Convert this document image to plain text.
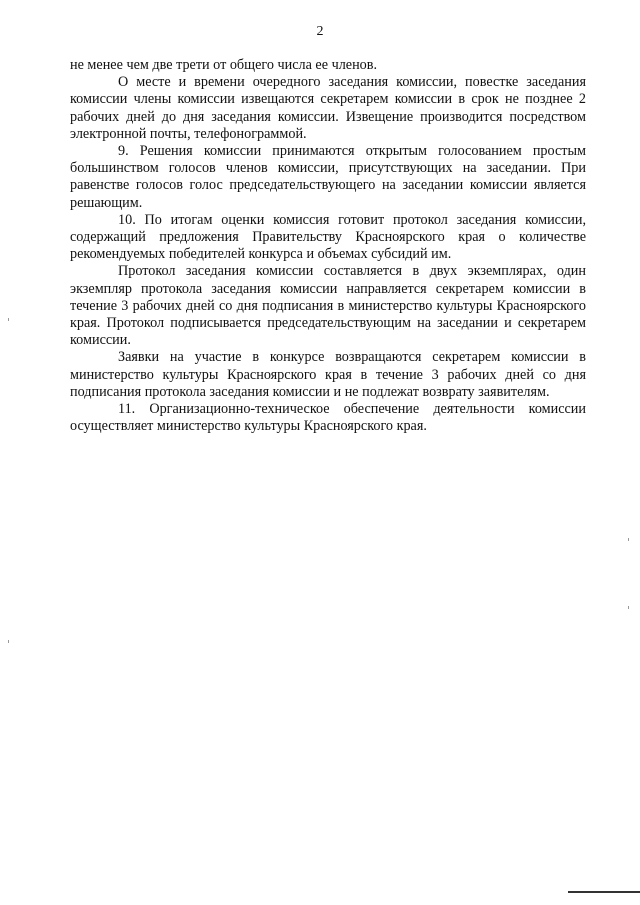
2

не менее чем две трети от общего числа ее членов.

О месте и времени очередного заседания комиссии, повестке заседания комиссии члены комиссии извещаются секретарем комиссии в срок не позднее 2 рабочих дней до дня заседания комиссии. Извещение производится посредством электронной почты, телефонограммой.

9. Решения комиссии принимаются открытым голосованием простым большинством голосов членов комиссии, присутствующих на заседании. При равенстве голосов голос председательствующего на заседании комиссии является решающим.

10. По итогам оценки комиссия готовит протокол заседания комиссии, содержащий предложения Правительству Красноярского края о количестве рекомендуемых победителей конкурса и объемах субсидий им.

Протокол заседания комиссии составляется в двух экземплярах, один экземпляр протокола заседания комиссии направляется секретарем комиссии в течение 3 рабочих дней со дня подписания в министерство культуры Красноярского края. Протокол подписывается председательствующим на заседании и секретарем комиссии.

Заявки на участие в конкурсе возвращаются секретарем комиссии в министерство культуры Красноярского края в течение 3 рабочих дней со дня подписания протокола заседания комиссии и не подлежат возврату заявителям.

11. Организационно-техническое обеспечение деятельности комиссии осуществляет министерство культуры Красноярского края.
